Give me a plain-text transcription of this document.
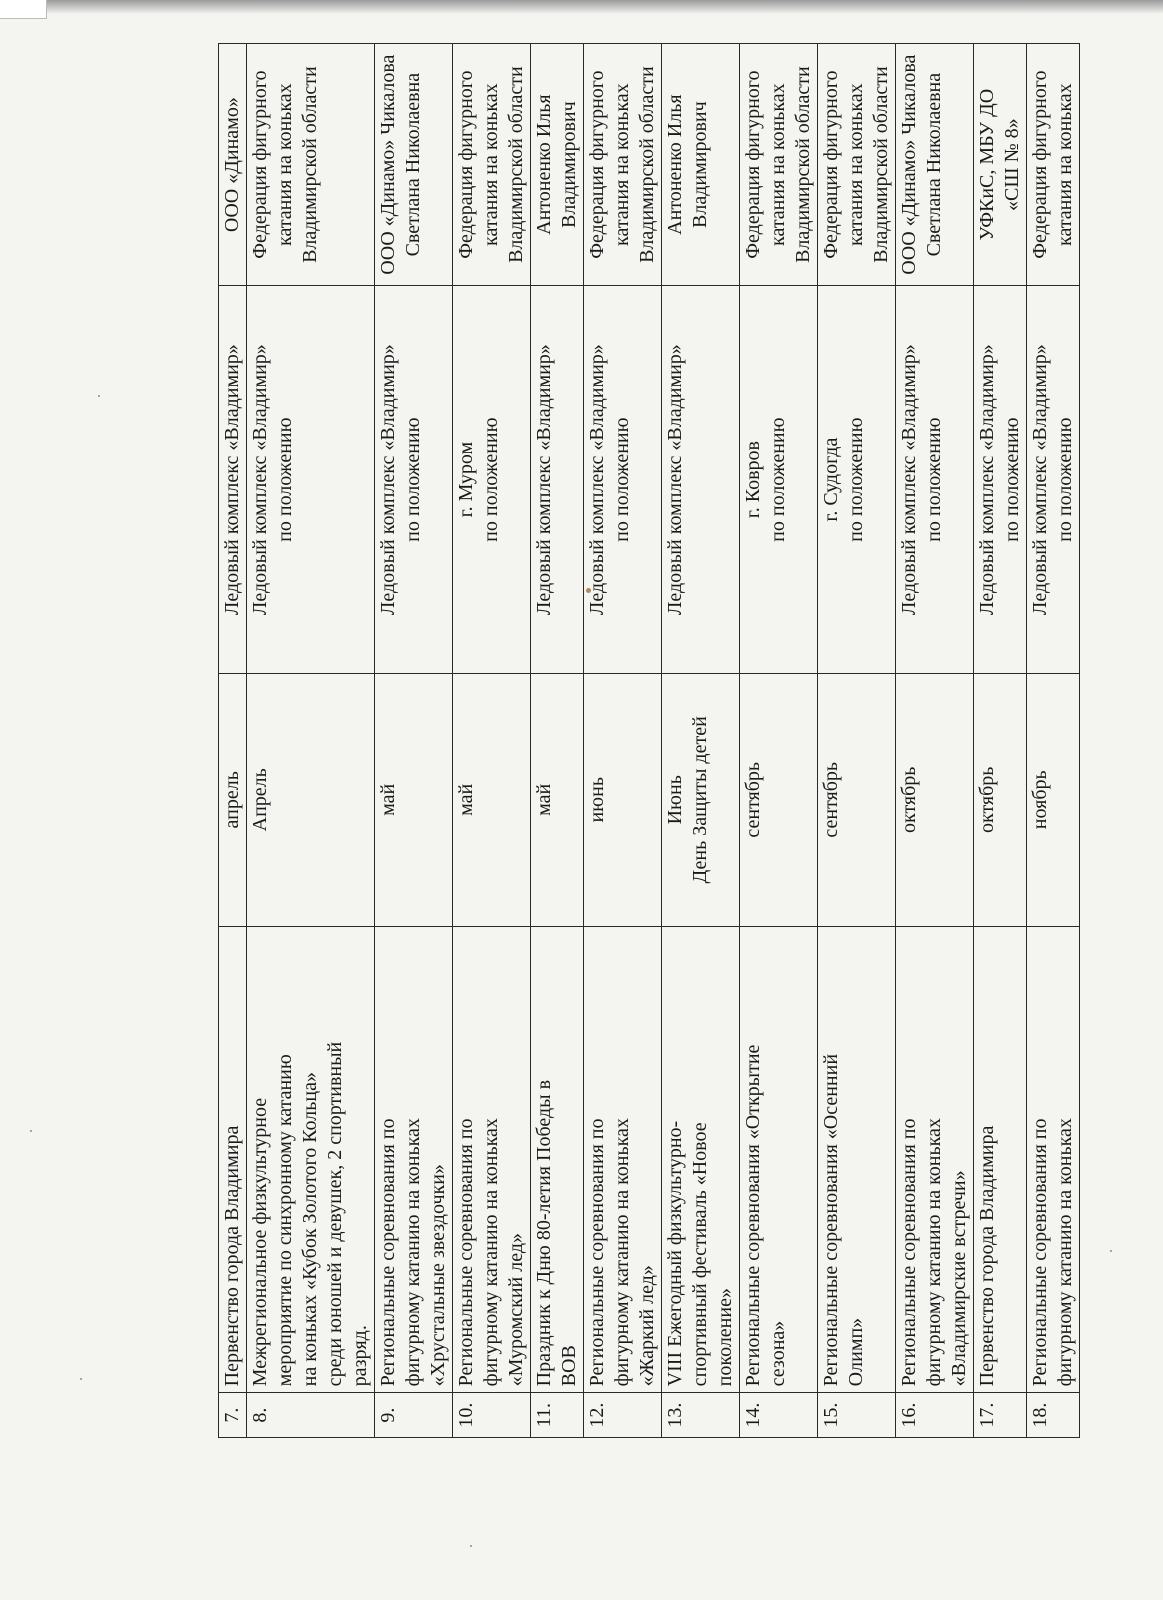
7.	Первенство города Владимира	апрель	Ледовый комплекс «Владимир»	ООО «Динамо»

8.	Межрегиональное физкультурное мероприятие по синхронному катанию на коньках «Кубок Золотого Кольца» среди юношей и девушек, 2 спортивный разряд.	Апрель	Ледовый комплекс «Владимир» по положению	Федерация фигурного катания на коньках Владимирской области

9.	Региональные соревнования по фигурному катанию на коньках «Хрустальные звездочки»	май	Ледовый комплекс «Владимир» по положению	ООО «Динамо» Чикалова Светлана Николаевна

10.	Региональные соревнования по фигурному катанию на коньках «Муромский лед»	май	г. Муром по положению	Федерация фигурного катания на коньках Владимирской области

11.	Праздник к Дню 80-летия Победы в ВОВ	май	Ледовый комплекс «Владимир»	Антоненко Илья Владимирович

12.	Региональные соревнования по фигурному катанию на коньках «Жаркий лед»	июнь	Ледовый комплекс «Владимир» по положению	Федерация фигурного катания на коньках Владимирской области

13.	VIII Ежегодный физкультурно- спортивный фестиваль «Новое поколение»	Июнь День Защиты детей	Ледовый комплекс «Владимир»	Антоненко Илья Владимирович

14.	Региональные соревнования «Открытие сезона»	сентябрь	г. Ковров по положению	Федерация фигурного катания на коньках Владимирской области

15.	Региональные соревнования «Осенний Олимп»	сентябрь	г. Судогда по положению	Федерация фигурного катания на коньках Владимирской области

16.	Региональные соревнования по фигурному катанию на коньках «Владимирские встречи»	октябрь	Ледовый комплекс «Владимир» по положению	ООО «Динамо» Чикалова Светлана Николаевна

17.	Первенство города Владимира	октябрь	Ледовый комплекс «Владимир» по положению	УФКиС, МБУ ДО «СШ № 8»

18.	Региональные соревнования по фигурному катанию на коньках	ноябрь	Ледовый комплекс «Владимир» по положению	Федерация фигурного катания на коньках
